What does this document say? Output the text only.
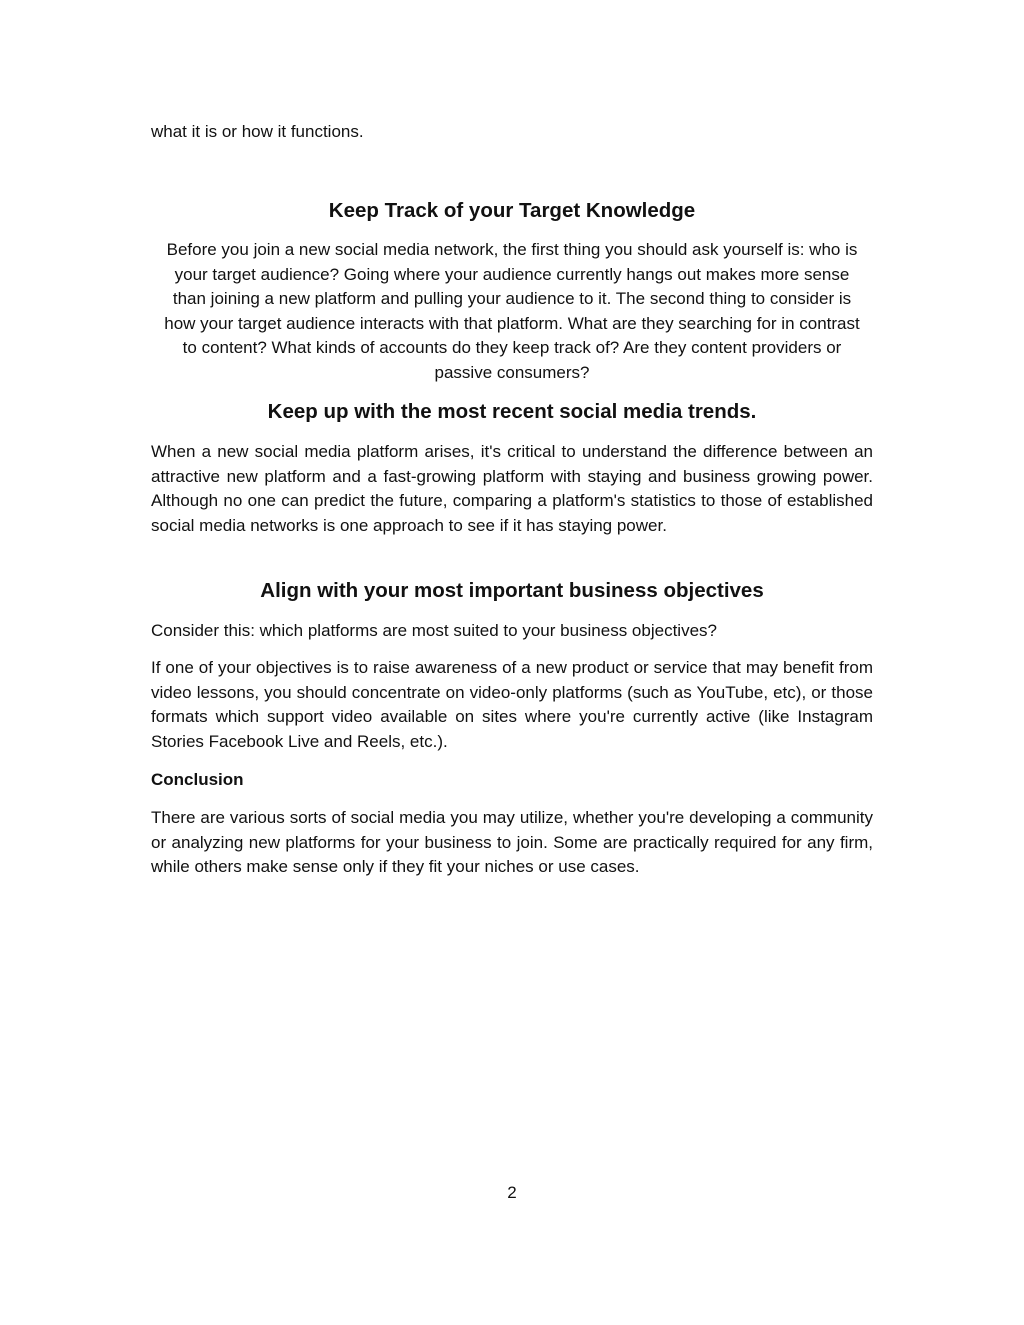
what it is or how it functions.

Keep Track of your Target Knowledge

Before you join a new social media network, the first thing you should ask yourself is: who is your target audience? Going where your audience currently hangs out makes more sense than joining a new platform and pulling your audience to it. The second thing to consider is how your target audience interacts with that platform. What are they searching for in contrast to content? What kinds of accounts do they keep track of? Are they content providers or passive consumers?

Keep up with the most recent social media trends.

When a new social media platform arises, it's critical to understand the difference between an attractive new platform and a fast-growing platform with staying and business growing power. Although no one can predict the future, comparing a platform's statistics to those of established social media networks is one approach to see if it has staying power.

Align with your most important business objectives

Consider this: which platforms are most suited to your business objectives?

If one of your objectives is to raise awareness of a new product or service that may benefit from video lessons, you should concentrate on video-only platforms (such as YouTube, etc), or those formats which support video available on sites where you're currently active (like Instagram Stories Facebook Live and Reels, etc.).

Conclusion

There are various sorts of social media you may utilize, whether you're developing a community or analyzing new platforms for your business to join. Some are practically required for any firm, while others make sense only if they fit your niches or use cases.

2
